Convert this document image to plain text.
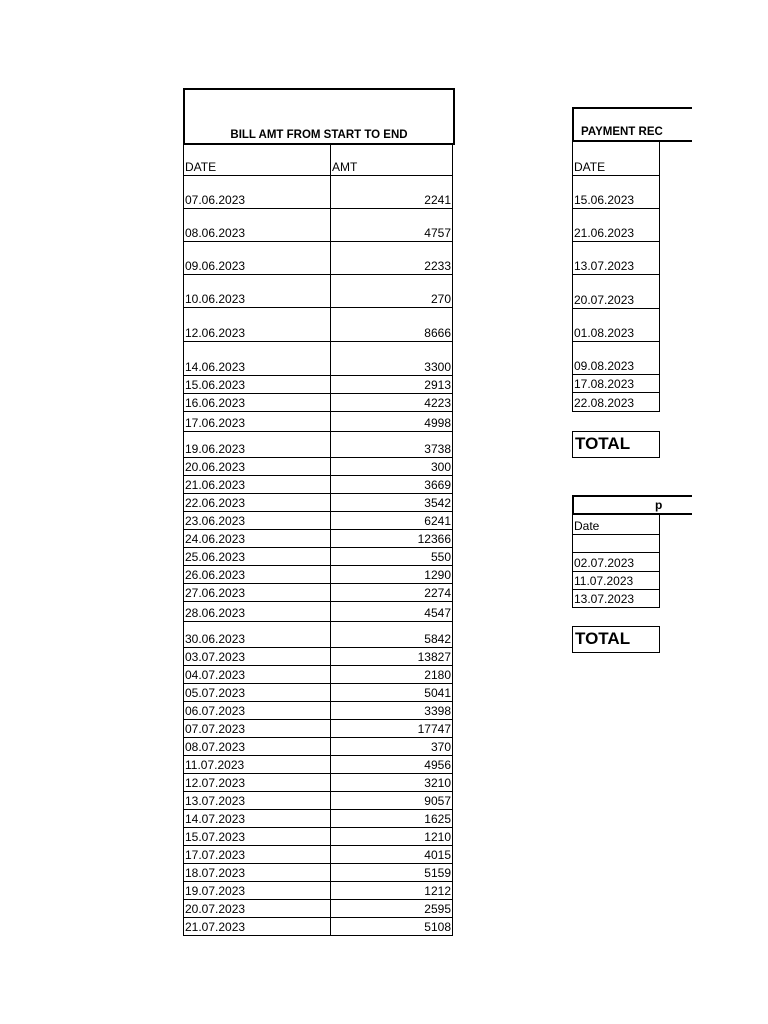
BILL AMT FROM START TO END
DATE	AMT
07.06.2023	2241
08.06.2023	4757
09.06.2023	2233
10.06.2023	270
12.06.2023	8666
14.06.2023	3300
15.06.2023	2913
16.06.2023	4223
17.06.2023	4998
19.06.2023	3738
20.06.2023	300
21.06.2023	3669
22.06.2023	3542
23.06.2023	6241
24.06.2023	12366
25.06.2023	550
26.06.2023	1290
27.06.2023	2274
28.06.2023	4547
30.06.2023	5842
03.07.2023	13827
04.07.2023	2180
05.07.2023	5041
06.07.2023	3398
07.07.2023	17747
08.07.2023	370
11.07.2023	4956
12.07.2023	3210
13.07.2023	9057
14.07.2023	1625
15.07.2023	1210
17.07.2023	4015
18.07.2023	5159
19.07.2023	1212
20.07.2023	2595
21.07.2023	5108
PAYMENT REC
DATE
15.06.2023
21.06.2023
13.07.2023
20.07.2023
01.08.2023
09.08.2023
17.08.2023
22.08.2023
TOTAL
p
Date
02.07.2023
11.07.2023
13.07.2023
TOTAL
